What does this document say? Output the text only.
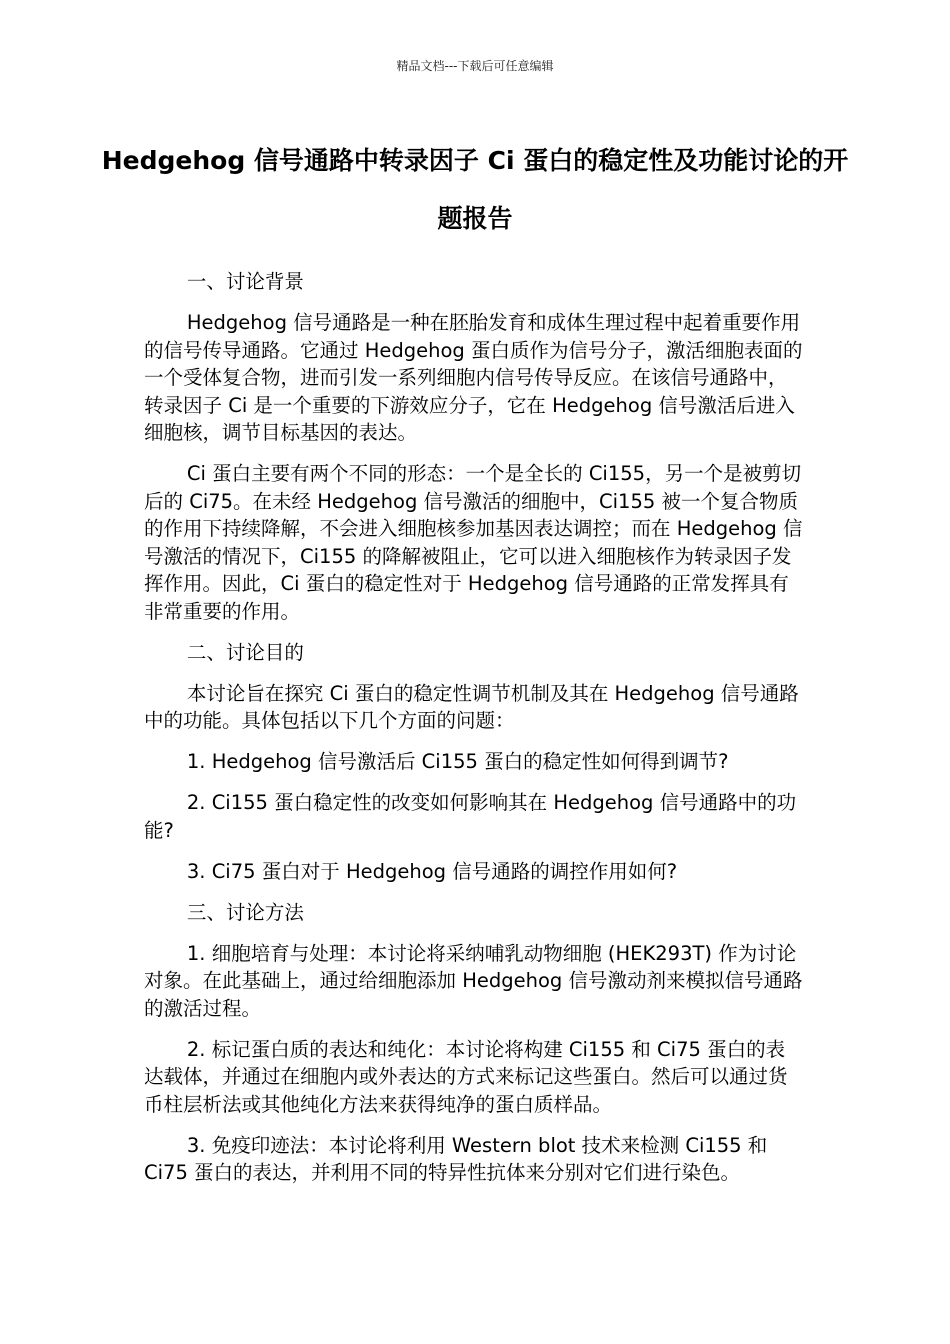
精品文档---下载后可任意编辑
Hedgehog 信号通路中转录因子 Ci 蛋白的稳定性及功能讨论的开题报告

一、讨论背景

Hedgehog 信号通路是一种在胚胎发育和成体生理过程中起着重要作用的信号传导通路。它通过 Hedgehog 蛋白质作为信号分子，激活细胞表面的一个受体复合物，进而引发一系列细胞内信号传导反应。在该信号通路中，转录因子 Ci 是一个重要的下游效应分子，它在 Hedgehog 信号激活后进入细胞核，调节目标基因的表达。

Ci 蛋白主要有两个不同的形态：一个是全长的 Ci155，另一个是被剪切后的 Ci75。在未经 Hedgehog 信号激活的细胞中，Ci155 被一个复合物质的作用下持续降解，不会进入细胞核参加基因表达调控；而在 Hedgehog 信号激活的情况下，Ci155 的降解被阻止，它可以进入细胞核作为转录因子发挥作用。因此，Ci 蛋白的稳定性对于 Hedgehog 信号通路的正常发挥具有非常重要的作用。

二、讨论目的

本讨论旨在探究 Ci 蛋白的稳定性调节机制及其在 Hedgehog 信号通路中的功能。具体包括以下几个方面的问题：

1. Hedgehog 信号激活后 Ci155 蛋白的稳定性如何得到调节?

2. Ci155 蛋白稳定性的改变如何影响其在 Hedgehog 信号通路中的功能?

3. Ci75 蛋白对于 Hedgehog 信号通路的调控作用如何?

三、讨论方法

1. 细胞培育与处理：本讨论将采纳哺乳动物细胞 (HEK293T) 作为讨论对象。在此基础上，通过给细胞添加 Hedgehog 信号激动剂来模拟信号通路的激活过程。

2. 标记蛋白质的表达和纯化：本讨论将构建 Ci155 和 Ci75 蛋白的表达载体，并通过在细胞内或外表达的方式来标记这些蛋白。然后可以通过货币柱层析法或其他纯化方法来获得纯净的蛋白质样品。

3. 免疫印迹法：本讨论将利用 Western blot 技术来检测 Ci155 和 Ci75 蛋白的表达，并利用不同的特异性抗体来分别对它们进行染色。
